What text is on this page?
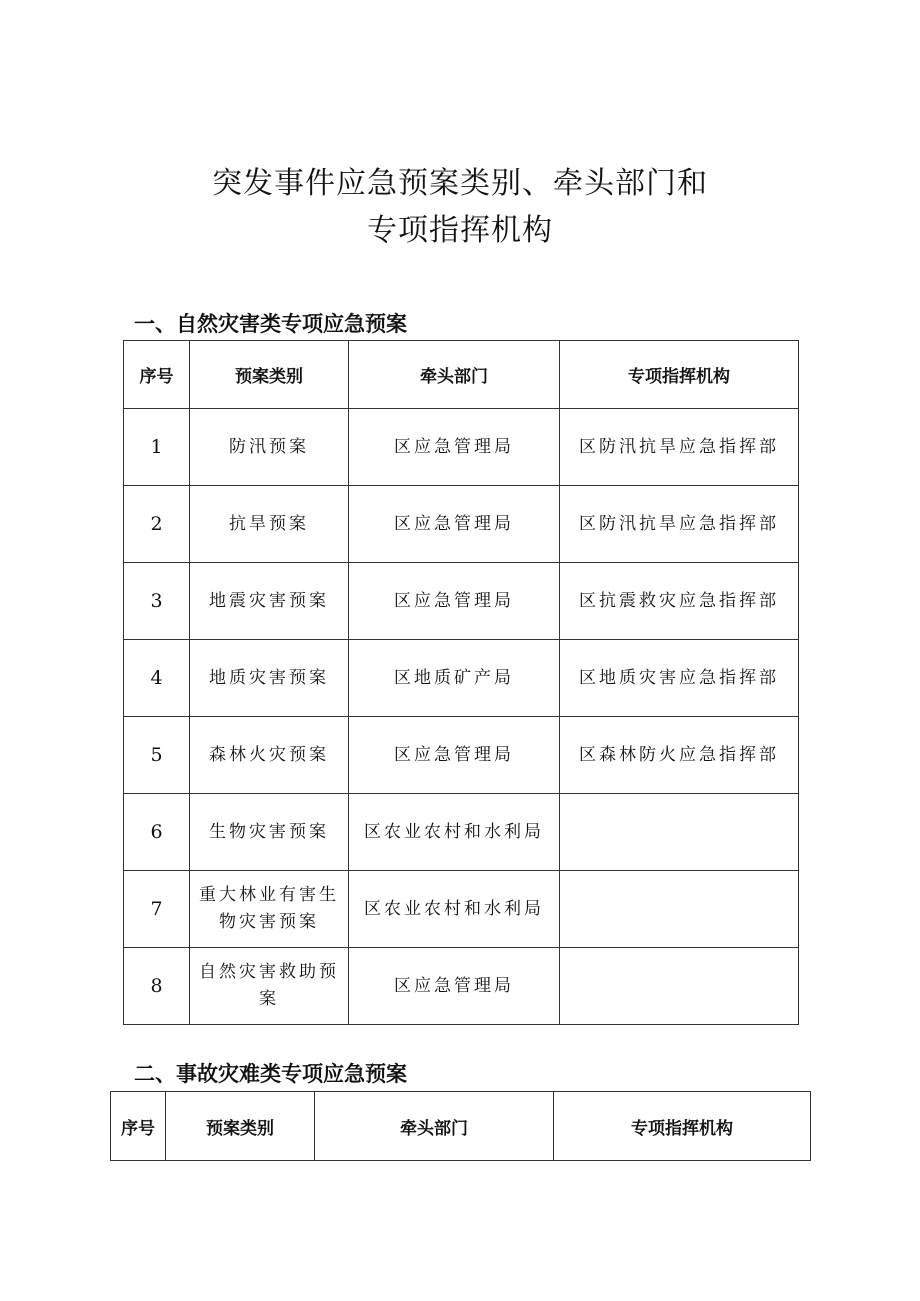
突发事件应急预案类别、牵头部门和
专项指挥机构
一、自然灾害类专项应急预案
序号	预案类别	牵头部门	专项指挥机构
1	防汛预案	区应急管理局	区防汛抗旱应急指挥部
2	抗旱预案	区应急管理局	区防汛抗旱应急指挥部
3	地震灾害预案	区应急管理局	区抗震救灾应急指挥部
4	地质灾害预案	区地质矿产局	区地质灾害应急指挥部
5	森林火灾预案	区应急管理局	区森林防火应急指挥部
6	生物灾害预案	区农业农村和水利局	
7	重大林业有害生物灾害预案	区农业农村和水利局	
8	自然灾害救助预案	区应急管理局	
二、事故灾难类专项应急预案
序号	预案类别	牵头部门	专项指挥机构
